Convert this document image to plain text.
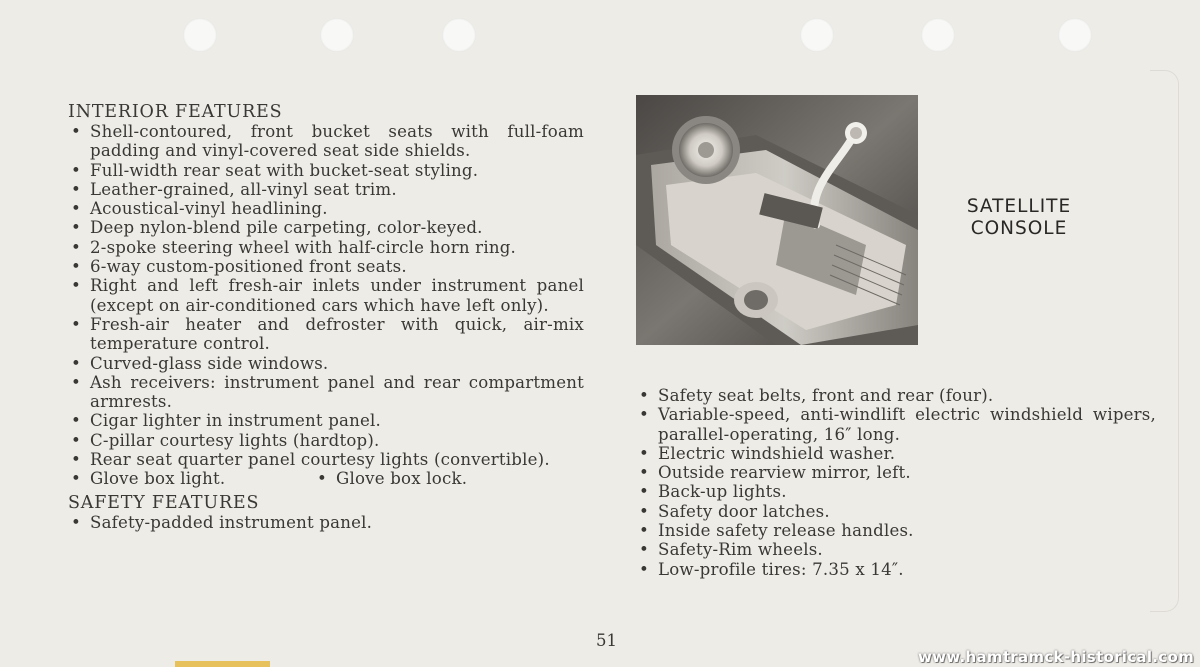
INTERIOR FEATURES
• Shell-contoured, front bucket seats with full-foam padding and vinyl-covered seat side shields.
• Full-width rear seat with bucket-seat styling.
• Leather-grained, all-vinyl seat trim.
• Acoustical-vinyl headlining.
• Deep nylon-blend pile carpeting, color-keyed.
• 2-spoke steering wheel with half-circle horn ring.
• 6-way custom-positioned front seats.
• Right and left fresh-air inlets under instrument panel (except on air-conditioned cars which have left only).
• Fresh-air heater and defroster with quick, air-mix temperature control.
• Curved-glass side windows.
• Ash receivers: instrument panel and rear compartment armrests.
• Cigar lighter in instrument panel.
• C-pillar courtesy lights (hardtop).
• Rear seat quarter panel courtesy lights (convertible).
• Glove box light.	• Glove box lock.
SAFETY FEATURES
• Safety-padded instrument panel.
SATELLITE
CONSOLE
• Safety seat belts, front and rear (four).
• Variable-speed, anti-windlift electric windshield wipers, parallel-operating, 16″ long.
• Electric windshield washer.
• Outside rearview mirror, left.
• Back-up lights.
• Safety door latches.
• Inside safety release handles.
• Safety-Rim wheels.
• Low-profile tires: 7.35 x 14″.
51
www.hamtramck-historical.com
